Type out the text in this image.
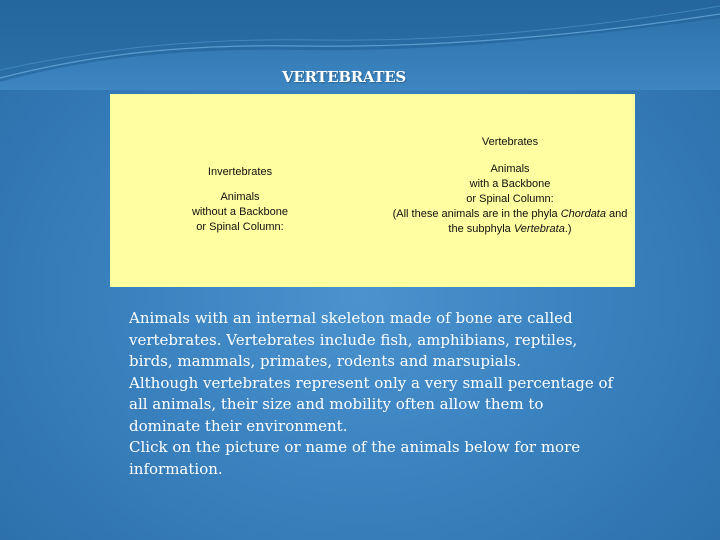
VERTEBRATES
Vertebrates
Invertebrates
Animals
without a Backbone
or Spinal Column:
Animals
with a Backbone
or Spinal Column:
(All these animals are in the phyla Chordata and
the subphyla Vertebrata.)

Animals with an internal skeleton made of bone are called

vertebrates. Vertebrates include fish, amphibians, reptiles,

birds, mammals, primates, rodents and marsupials.

Although vertebrates represent only a very small percentage of

all animals, their size and mobility often allow them to

dominate their environment.

Click on the picture or name of the animals below for more

information.
